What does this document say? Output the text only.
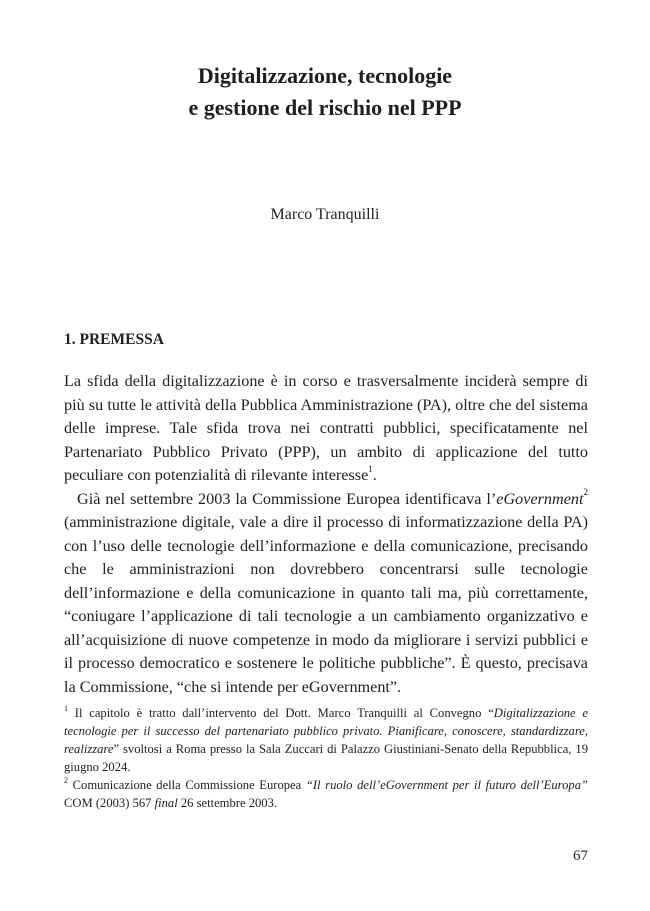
Digitalizzazione, tecnologie
e gestione del rischio nel PPP
Marco Tranquilli
1. PREMESSA

La sfida della digitalizzazione è in corso e trasversalmente inciderà sempre di più su tutte le attività della Pubblica Amministrazione (PA), oltre che del sistema delle imprese. Tale sfida trova nei contratti pubblici, specificatamente nel Partenariato Pubblico Privato (PPP), un ambito di applicazione del tutto peculiare con potenzialità di rilevante interesse$^1$.

Già nel settembre 2003 la Commissione Europea identificava l’eGovernment$^2$ (amministrazione digitale, vale a dire il processo di informatizzazione della PA) con l’uso delle tecnologie dell’informazione e della comunicazione, precisando che le amministrazioni non dovrebbero concentrarsi sulle tecnologie dell’informazione e della comunicazione in quanto tali ma, più correttamente, “coniugare l’applicazione di tali tecnologie a un cambiamento organizzativo e all’acquisizione di nuove competenze in modo da migliorare i servizi pubblici e il processo democratico e sostenere le politiche pubbliche”. È questo, precisava la Commissione, “che si intende per eGovernment”.

$^1$ Il capitolo è tratto dall’intervento del Dott. Marco Tranquilli al Convegno “Digitalizzazione e tecnologie per il successo del partenariato pubblico privato. Pianificare, conoscere, standardizzare, realizzare” svoltosi a Roma presso la Sala Zuccari di Palazzo Giustiniani-Senato della Repubblica, 19 giugno 2024.

$^2$ Comunicazione della Commissione Europea “Il ruolo dell’eGovernment per il futuro dell’Europa” COM (2003) 567 final 26 settembre 2003.

67
